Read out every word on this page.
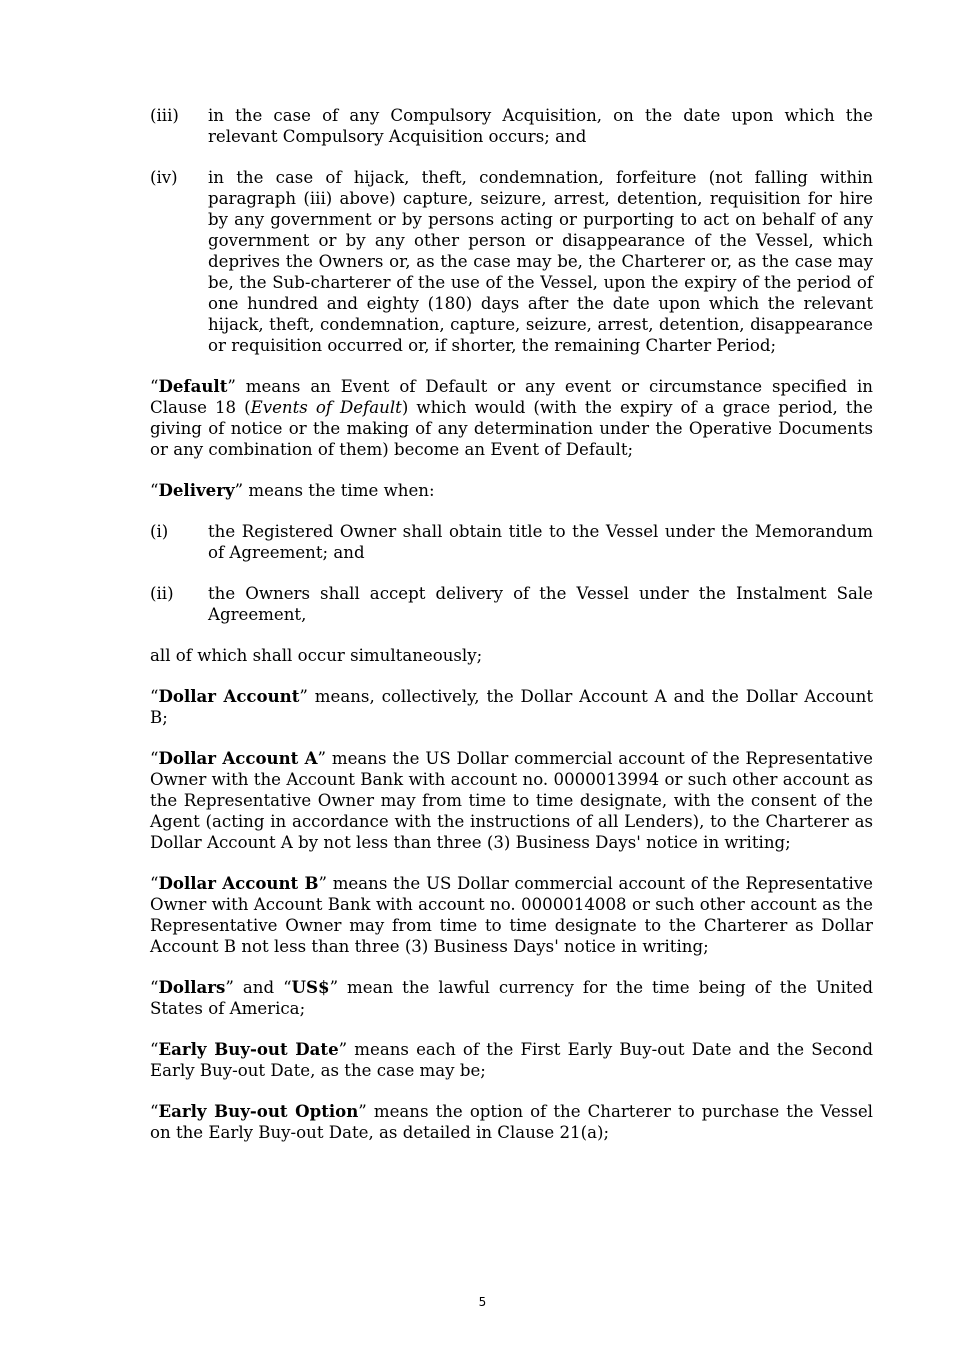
(iii)	in the case of any Compulsory Acquisition, on the date upon which the relevant Compulsory Acquisition occurs; and
(iv)	in the case of hijack, theft, condemnation, forfeiture (not falling within paragraph (iii) above) capture, seizure, arrest, detention, requisition for hire by any government or by persons acting or purporting to act on behalf of any government or by any other person or disappearance of the Vessel, which deprives the Owners or, as the case may be, the Charterer or, as the case may be, the Sub-charterer of the use of the Vessel, upon the expiry of the period of one hundred and eighty (180) days after the date upon which the relevant hijack, theft, condemnation, capture, seizure, arrest, detention, disappearance or requisition occurred or, if shorter, the remaining Charter Period;

“Default” means an Event of Default or any event or circumstance specified in Clause 18 (Events of Default) which would (with the expiry of a grace period, the giving of notice or the making of any determination under the Operative Documents or any combination of them) become an Event of Default;

“Delivery” means the time when:

(i)	the Registered Owner shall obtain title to the Vessel under the Memorandum of Agreement; and
(ii)	the Owners shall accept delivery of the Vessel under the Instalment Sale Agreement,

all of which shall occur simultaneously;

“Dollar Account” means, collectively, the Dollar Account A and the Dollar Account B;

“Dollar Account A” means the US Dollar commercial account of the Representative Owner with the Account Bank with account no. 0000013994 or such other account as the Representative Owner may from time to time designate, with the consent of the Agent (acting in accordance with the instructions of all Lenders), to the Charterer as Dollar Account A by not less than three (3) Business Days' notice in writing;

“Dollar Account B” means the US Dollar commercial account of the Representative Owner with Account Bank with account no. 0000014008 or such other account as the Representative Owner may from time to time designate to the Charterer as Dollar Account B not less than three (3) Business Days' notice in writing;

“Dollars” and “US$” mean the lawful currency for the time being of the United States of America;

“Early Buy-out Date” means each of the First Early Buy-out Date and the Second Early Buy-out Date, as the case may be;

“Early Buy-out Option” means the option of the Charterer to purchase the Vessel on the Early Buy-out Date, as detailed in Clause 21(a);

5
